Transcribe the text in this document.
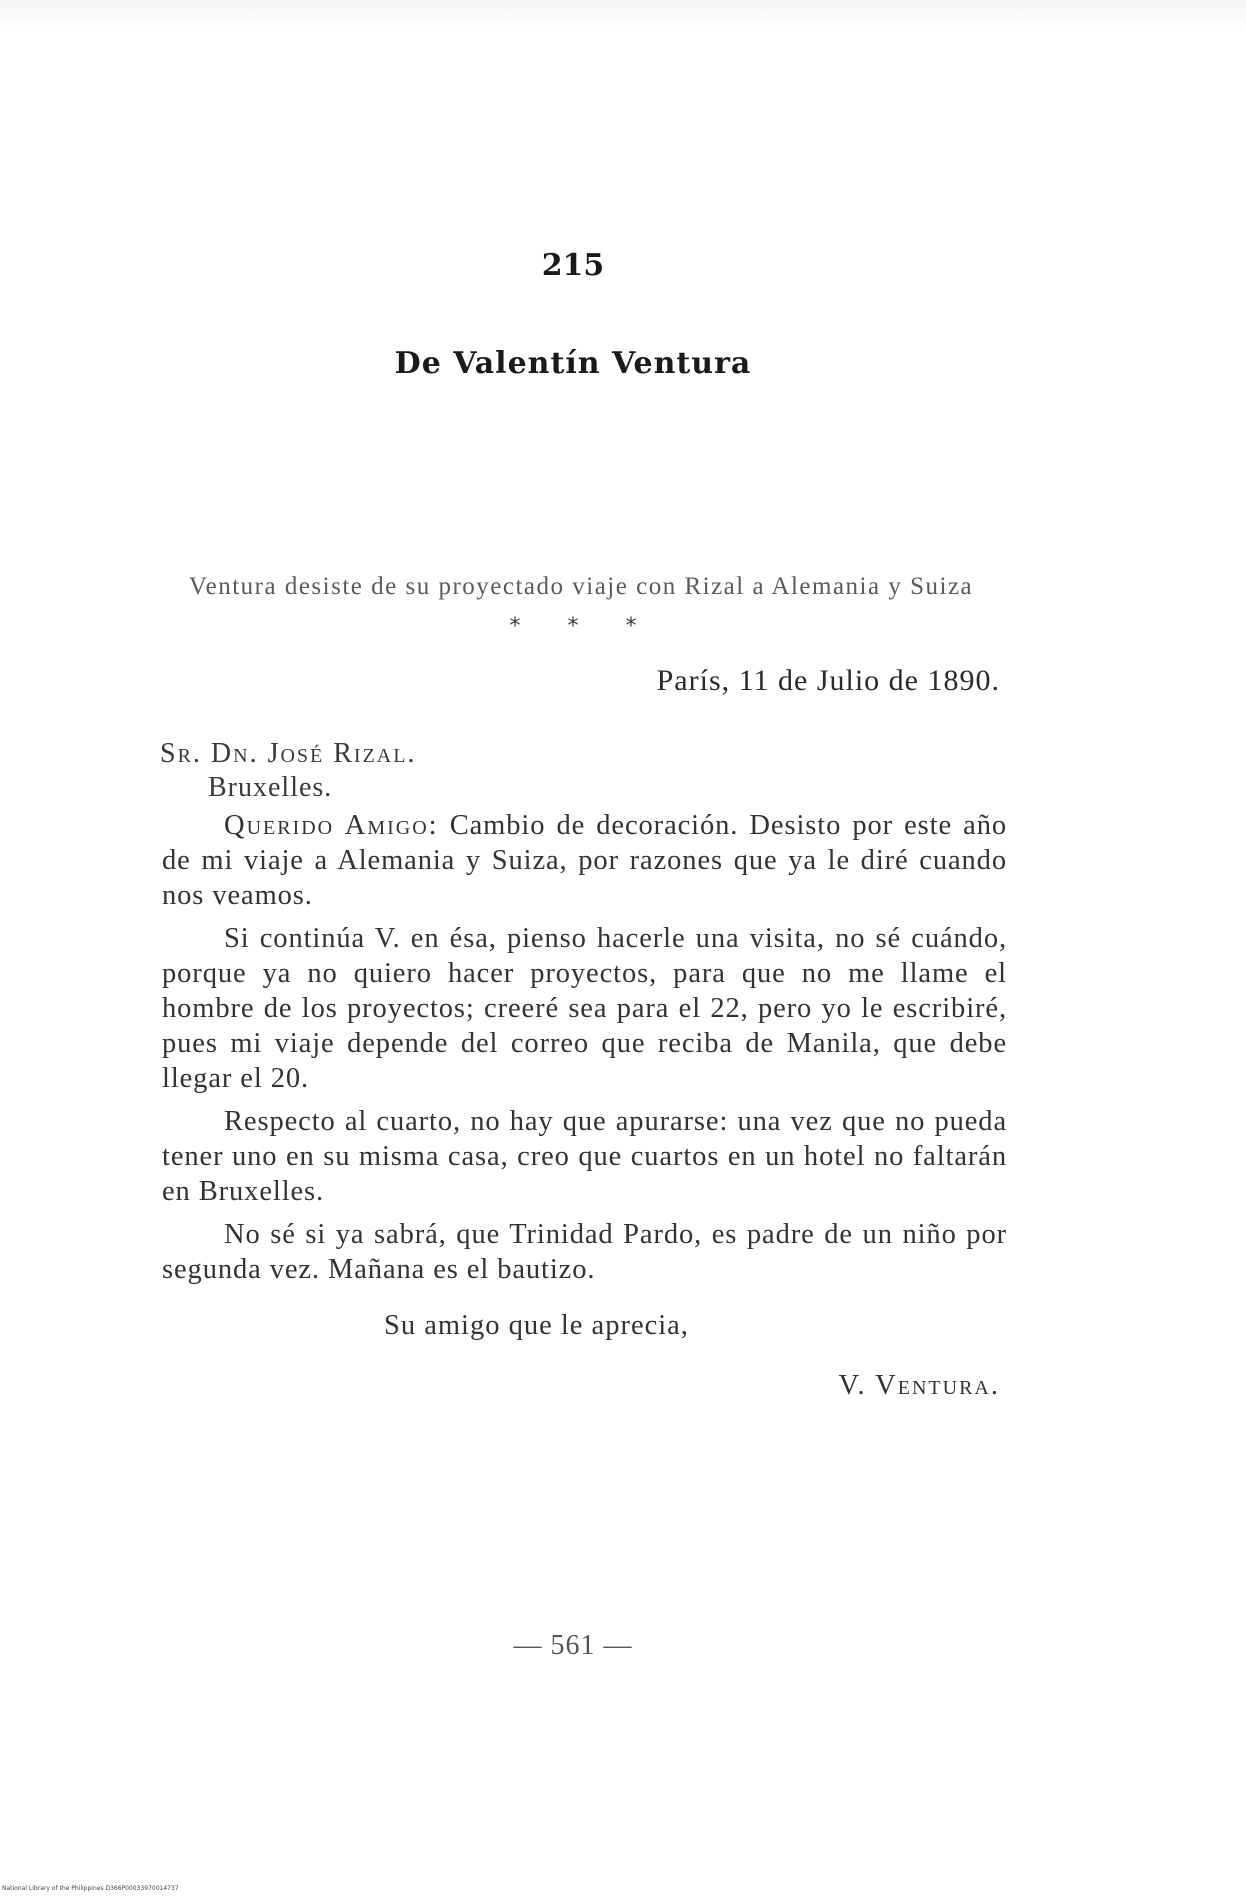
215
De Valentín Ventura
Ventura desiste de su proyectado viaje con Rizal a Alemania y Suiza
* * *
París, 11 de Julio de 1890.
Sr. Dn. José Rizal.
Bruxelles.

Querido Amigo: Cambio de decoración. Desisto por este año de mi viaje a Alemania y Suiza, por razones que ya le diré cuando nos veamos.

Si continúa V. en ésa, pienso hacerle una visita, no sé cuándo, porque ya no quiero hacer proyectos, para que no me llame el hombre de los proyectos; creeré sea para el 22, pero yo le escribiré, pues mi viaje depende del correo que reciba de Manila, que debe llegar el 20.

Respecto al cuarto, no hay que apurarse: una vez que no pueda tener uno en su misma casa, creo que cuartos en un hotel no faltarán en Bruxelles.

No sé si ya sabrá, que Trinidad Pardo, es padre de un niño por segunda vez. Mañana es el bautizo.

Su amigo que le aprecia,
V. Ventura.
— 561 —
National Library of the Philippines D366P00033970014737
